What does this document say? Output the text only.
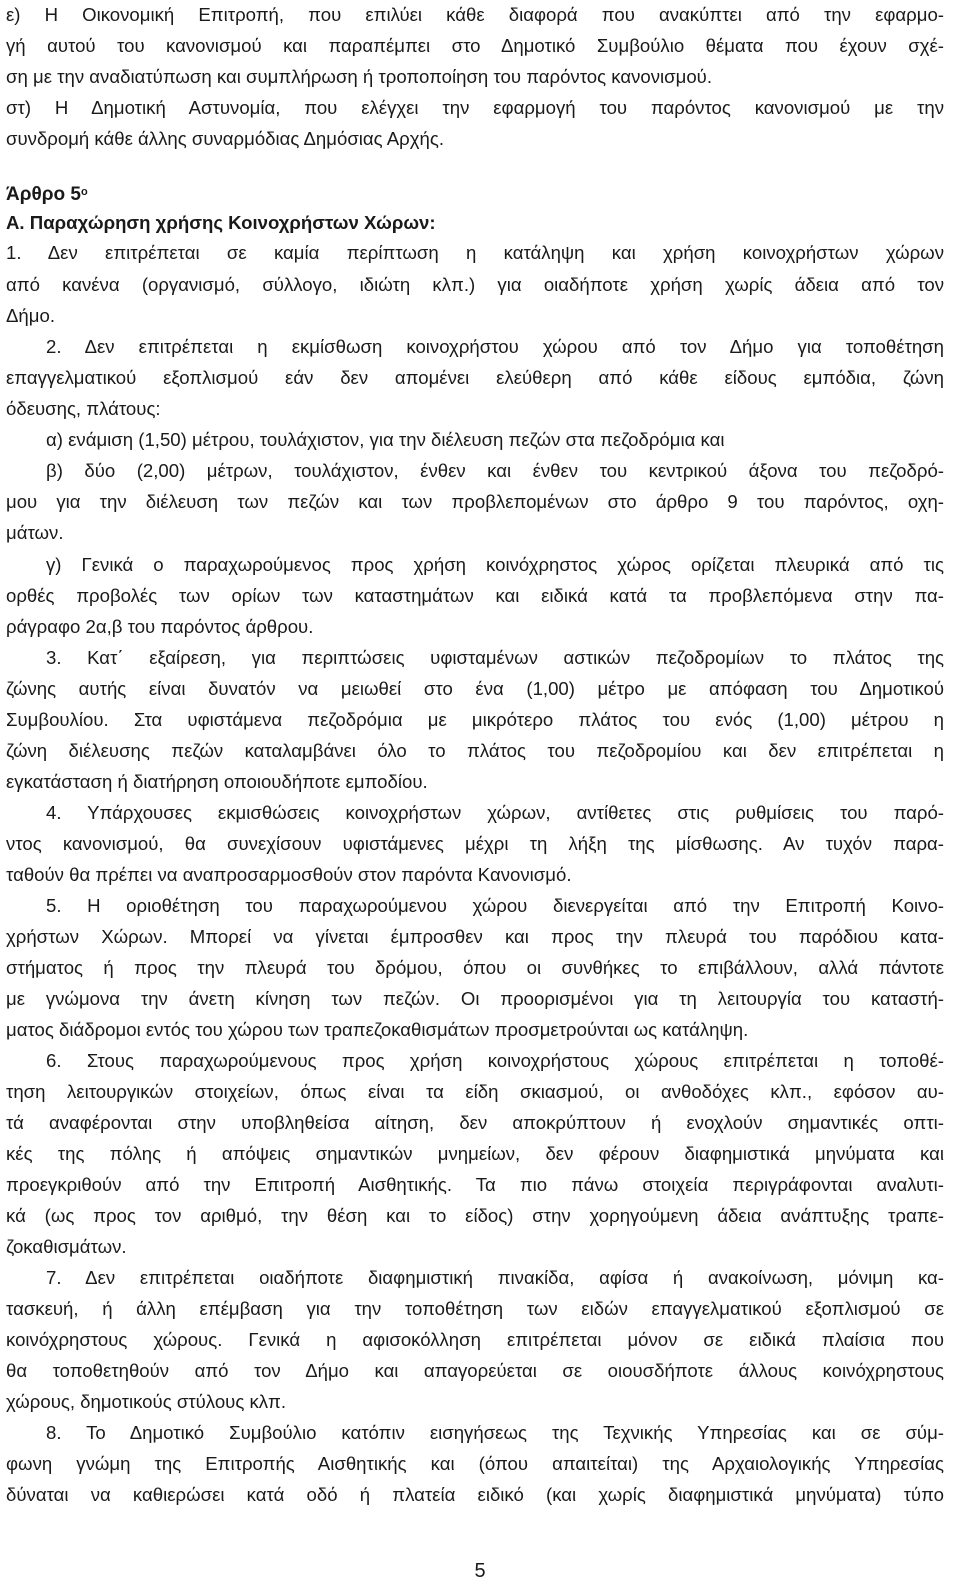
ε) Η Οικονομική Επιτροπή, που επιλύει κάθε διαφορά που ανακύπτει από την εφαρμο-
γή αυτού του κανονισμού και παραπέμπει στο Δημοτικό Συμβούλιο θέματα που έχουν σχέ-
ση με την αναδιατύπωση και συμπλήρωση ή τροποποίηση του παρόντος κανονισμού.
στ) Η Δημοτική Αστυνομία, που ελέγχει την εφαρμογή του παρόντος κανονισμού με την
συνδρομή κάθε άλλης συναρμόδιας Δημόσιας Αρχής.
Άρθρο $5^o$
Α. Παραχώρηση χρήσης Κοινοχρήστων Χώρων:
1. Δεν επιτρέπεται σε καμία περίπτωση η κατάληψη και χρήση κοινοχρήστων χώρων
από κανένα (οργανισμό, σύλλογο, ιδιώτη κλπ.) για οιαδήποτε χρήση χωρίς άδεια από τον
Δήμο.
2. Δεν επιτρέπεται η εκμίσθωση κοινοχρήστου χώρου από τον Δήμο για τοποθέτηση
επαγγελματικού εξοπλισμού εάν δεν απομένει ελεύθερη από κάθε είδους εμπόδια, ζώνη
όδευσης, πλάτους:
α) ενάμιση (1,50) μέτρου, τουλάχιστον, για την διέλευση πεζών στα πεζοδρόμια και
β) δύο (2,00) μέτρων, τουλάχιστον, ένθεν και ένθεν του κεντρικού άξονα του πεζοδρό-
μου για την διέλευση των πεζών και των προβλεπομένων στο άρθρο 9 του παρόντος, οχη-
μάτων.
γ) Γενικά ο παραχωρούμενος προς χρήση κοινόχρηστος χώρος ορίζεται πλευρικά από τις
ορθές προβολές των ορίων των καταστημάτων και ειδικά κατά τα προβλεπόμενα στην πα-
ράγραφο 2α,β του παρόντος άρθρου.
3. Κατ΄ εξαίρεση, για περιπτώσεις υφισταμένων αστικών πεζοδρομίων το πλάτος της
ζώνης αυτής είναι δυνατόν να μειωθεί στο ένα (1,00) μέτρο με απόφαση του Δημοτικού
Συμβουλίου. Στα υφιστάμενα πεζοδρόμια με μικρότερο πλάτος του ενός (1,00) μέτρου η
ζώνη διέλευσης πεζών καταλαμβάνει όλο το πλάτος του πεζοδρομίου και δεν επιτρέπεται η
εγκατάσταση ή διατήρηση οποιουδήποτε εμποδίου.
4. Υπάρχουσες εκμισθώσεις κοινοχρήστων χώρων, αντίθετες στις ρυθμίσεις του παρό-
ντος κανονισμού, θα συνεχίσουν υφιστάμενες μέχρι τη λήξη της μίσθωσης. Αν τυχόν παρα-
ταθούν θα πρέπει να αναπροσαρμοσθούν στον παρόντα Κανονισμό.
5. Η οριοθέτηση του παραχωρούμενου χώρου διενεργείται από την Επιτροπή Κοινο-
χρήστων Χώρων. Μπορεί να γίνεται έμπροσθεν και προς την πλευρά του παρόδιου κατα-
στήματος ή προς την πλευρά του δρόμου, όπου οι συνθήκες το επιβάλλουν, αλλά πάντοτε
με γνώμονα την άνετη κίνηση των πεζών. Οι προορισμένοι για τη λειτουργία του καταστή-
ματος διάδρομοι εντός του χώρου των τραπεζοκαθισμάτων προσμετρούνται ως κατάληψη.
6. Στους παραχωρούμενους προς χρήση κοινοχρήστους χώρους επιτρέπεται η τοποθέ-
τηση λειτουργικών στοιχείων, όπως είναι τα είδη σκιασμού, οι ανθοδόχες κλπ., εφόσον αυ-
τά αναφέρονται στην υποβληθείσα αίτηση, δεν αποκρύπτουν ή ενοχλούν σημαντικές οπτι-
κές της πόλης ή απόψεις σημαντικών μνημείων, δεν φέρουν διαφημιστικά μηνύματα και
προεγκριθούν από την Επιτροπή Αισθητικής. Τα πιο πάνω στοιχεία περιγράφονται αναλυτι-
κά (ως προς τον αριθμό, την θέση και το είδος) στην χορηγούμενη άδεια ανάπτυξης τραπε-
ζοκαθισμάτων.
7. Δεν επιτρέπεται οιαδήποτε διαφημιστική πινακίδα, αφίσα ή ανακοίνωση, μόνιμη κα-
τασκευή, ή άλλη επέμβαση για την τοποθέτηση των ειδών επαγγελματικού εξοπλισμού σε
κοινόχρηστους χώρους. Γενικά η αφισοκόλληση επιτρέπεται μόνον σε ειδικά πλαίσια που
θα τοποθετηθούν από τον Δήμο και απαγορεύεται σε οιουσδήποτε άλλους κοινόχρηστους
χώρους, δημοτικούς στύλους κλπ.
8. Το Δημοτικό Συμβούλιο κατόπιν εισηγήσεως της Τεχνικής Υπηρεσίας και σε σύμ-
φωνη γνώμη της Επιτροπής Αισθητικής και (όπου απαιτείται) της Αρχαιολογικής Υπηρεσίας
δύναται να καθιερώσει κατά οδό ή πλατεία ειδικό (και χωρίς διαφημιστικά μηνύματα) τύπο
5
